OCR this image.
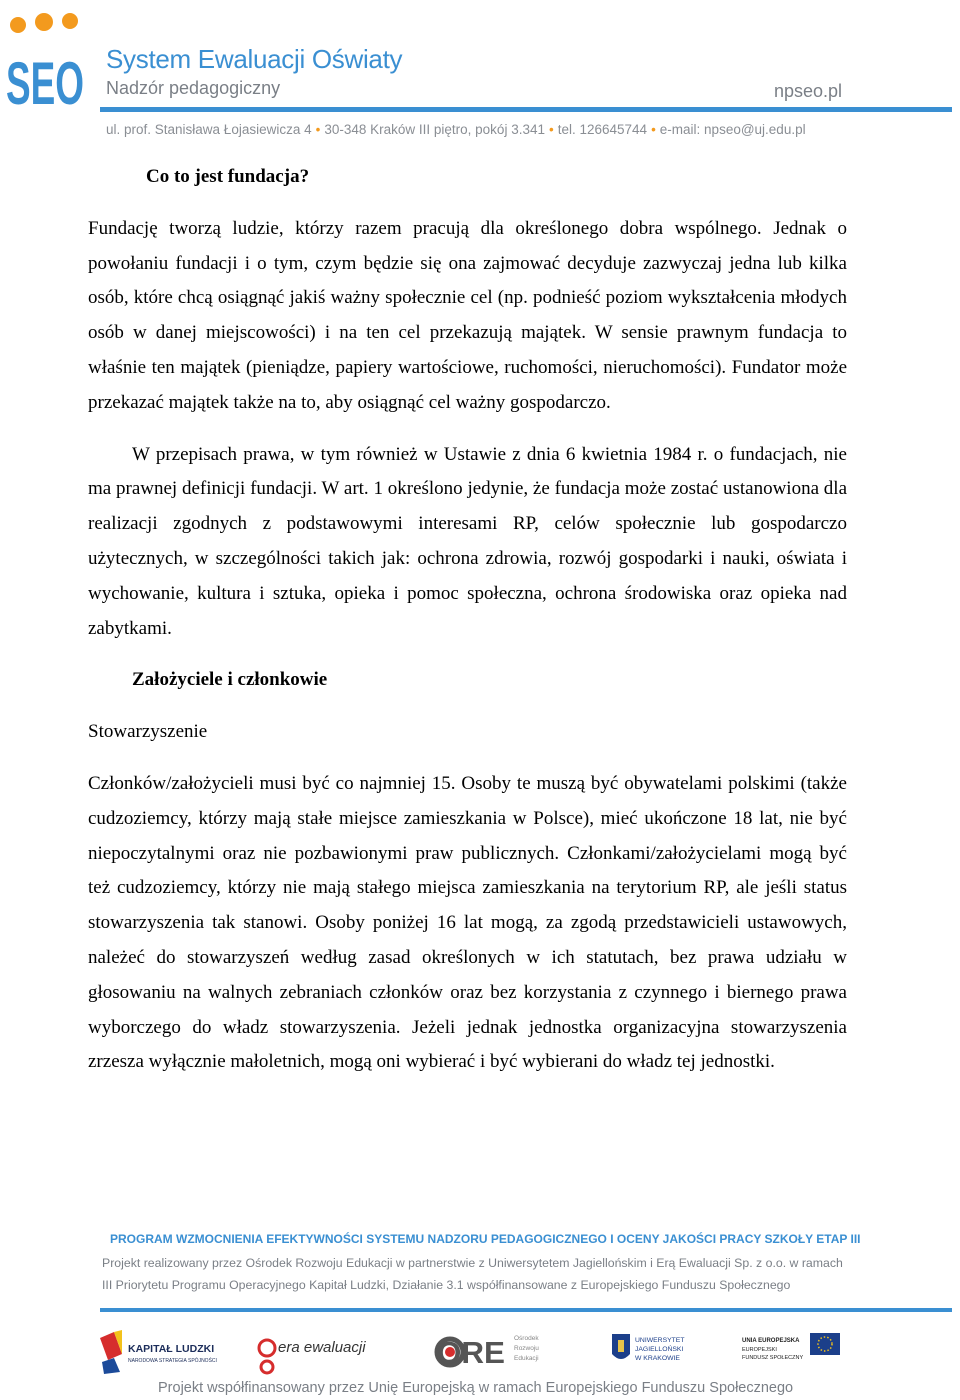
SEO System Ewaluacji Oświaty
Nadzór pedagogiczny	npseo.pl
ul. prof. Stanisława Łojasiewicza 4 • 30-348 Kraków III piętro, pokój 3.341 • tel. 126645744 • e-mail: npseo@uj.edu.pl

Co to jest fundacja?

Fundację tworzą ludzie, którzy razem pracują dla określonego dobra wspólnego. Jednak o powołaniu fundacji i o tym, czym będzie się ona zajmować decyduje zazwyczaj jedna lub kilka osób, które chcą osiągnąć jakiś ważny społecznie cel (np. podnieść poziom wykształcenia młodych osób w danej miejscowości) i na ten cel przekazują majątek. W sensie prawnym fundacja to właśnie ten majątek (pieniądze, papiery wartościowe, ruchomości, nieruchomości). Fundator może przekazać majątek także na to, aby osiągnąć cel ważny gospodarczo.

W przepisach prawa, w tym również w Ustawie z dnia 6 kwietnia 1984 r. o fundacjach, nie ma prawnej definicji fundacji. W art. 1 określono jedynie, że fundacja może zostać ustanowiona dla realizacji zgodnych z podstawowymi interesami RP, celów społecznie lub gospodarczo użytecznych, w szczególności takich jak: ochrona zdrowia, rozwój gospodarki i nauki, oświata i wychowanie, kultura i sztuka, opieka i pomoc społeczna, ochrona środowiska oraz opieka nad zabytkami.

Założyciele i członkowie

Stowarzyszenie

Członków/założycieli musi być co najmniej 15. Osoby te muszą być obywatelami polskimi (także cudzoziemcy, którzy mają stałe miejsce zamieszkania w Polsce), mieć ukończone 18 lat, nie być niepoczytalnymi oraz nie pozbawionymi praw publicznych. Członkami/założycielami mogą być też cudzoziemcy, którzy nie mają stałego miejsca zamieszkania na terytorium RP, ale jeśli status stowarzyszenia tak stanowi. Osoby poniżej 16 lat mogą, za zgodą przedstawicieli ustawowych, należeć do stowarzyszeń według zasad określonych w ich statutach, bez prawa udziału w głosowaniu na walnych zebraniach członków oraz bez korzystania z czynnego i biernego prawa wyborczego do władz stowarzyszenia. Jeżeli jednak jednostka organizacyjna stowarzyszenia zrzesza wyłącznie małoletnich, mogą oni wybierać i być wybierani do władz tej jednostki.

PROGRAM WZMOCNIENIA EFEKTYWNOŚCI SYSTEMU NADZORU PEDAGOGICZNEGO I OCENY JAKOŚCI PRACY SZKOŁY ETAP III
Projekt realizowany przez Ośrodek Rozwoju Edukacji w partnerstwie z Uniwersytetem Jagiellońskim i Erą Ewaluacji Sp. z o.o. w ramach
III Priorytetu Programu Operacyjnego Kapitał Ludzki, Działanie 3.1 współfinansowane z Europejskiego Funduszu Społecznego
KAPITAŁ LUDZKI
NARODOWA STRATEGIA SPÓJNOŚCI
era ewaluacji ORE Ośrodek
Rozwoju
Edukacji
UNIWERSYTET
JAGIELLOŃSKI
W KRAKOWIE
UNIA EUROPEJSKA
EUROPEJSKI
FUNDUSZ SPOŁECZNY
Projekt współfinansowany przez Unię Europejską w ramach Europejskiego Funduszu Społecznego
